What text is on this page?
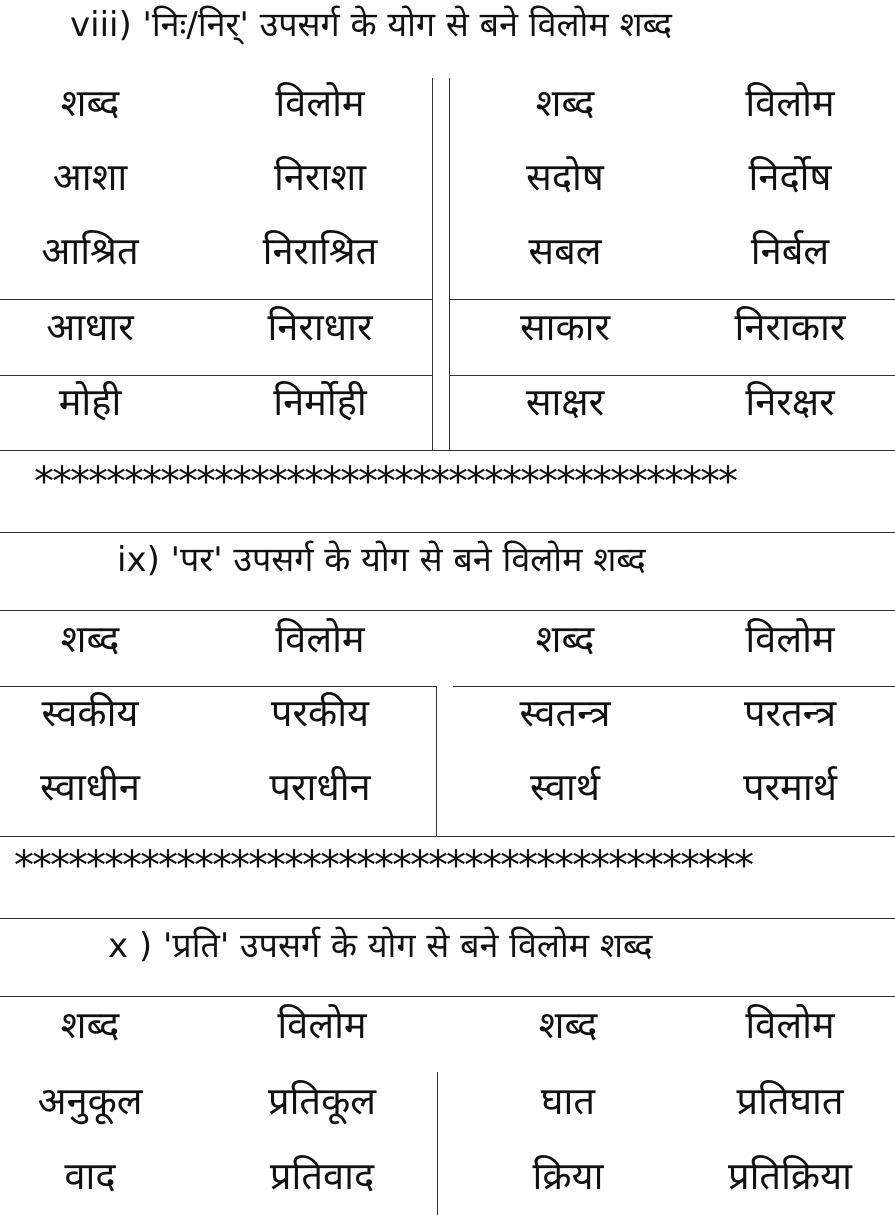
viii) 'निः/निर्' उपसर्ग के योग से बने विलोम शब्द
शब्द	विलोम	शब्द	विलोम
आशा	निराशा	सदोष	निर्दोष
आश्रित	निराश्रित	सबल	निर्बल
आधार	निराधार	साकार	निराकार
मोही	निर्मोही	साक्षर	निरक्षर
***************************************
ix) 'पर' उपसर्ग के योग से बने विलोम शब्द
शब्द	विलोम	शब्द	विलोम
स्वकीय	परकीय	स्वतन्त्र	परतन्त्र
स्वाधीन	पराधीन	स्वार्थ	परमार्थ
*****************************************
x ) 'प्रति' उपसर्ग के योग से बने विलोम शब्द
शब्द	विलोम	शब्द	विलोम
अनुकूल	प्रतिकूल	घात	प्रतिघात
वाद	प्रतिवाद	क्रिया	प्रतिक्रिया
